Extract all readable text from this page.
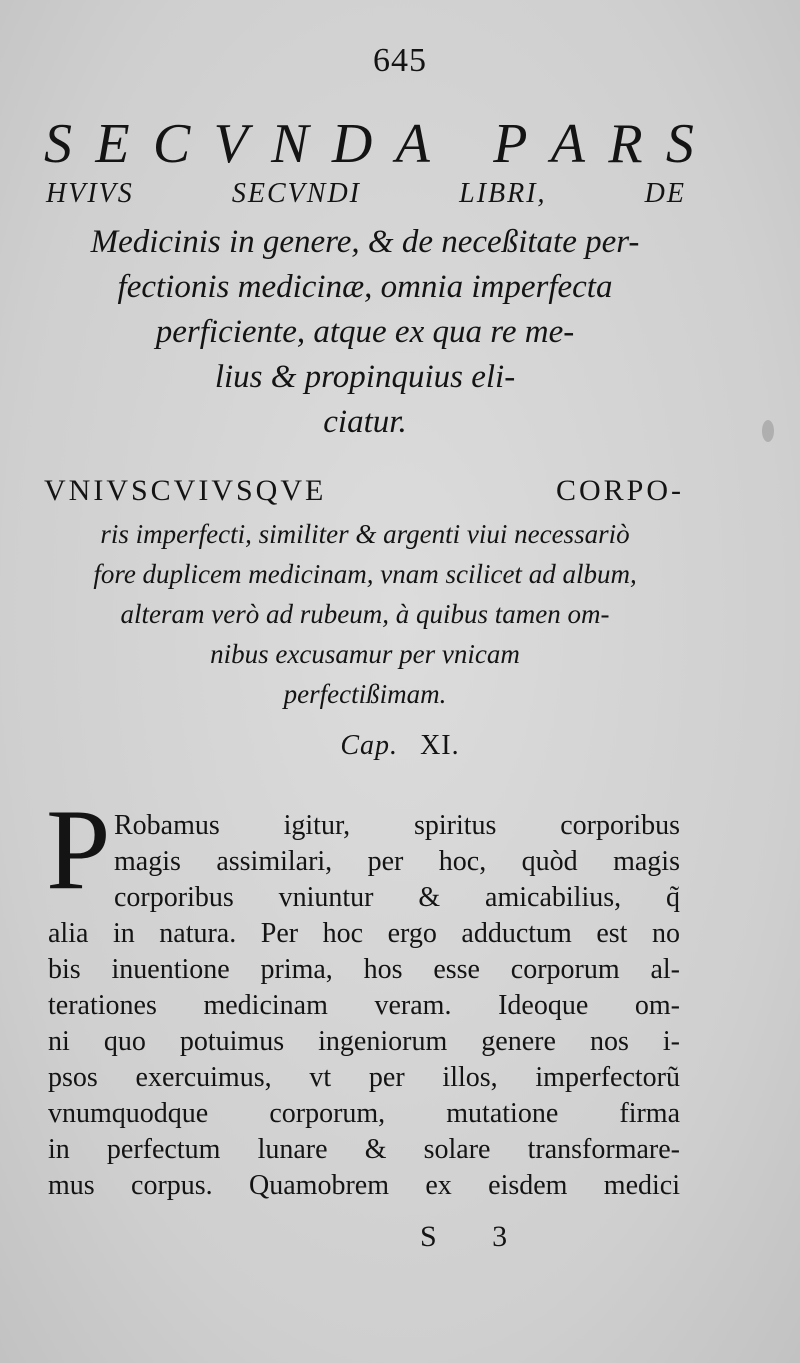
645
S E C V N D A P A R S
HVIVS SECVNDI LIBRI, DE
Medicinis in genere, & de neceßitate per-
fectionis medicinæ, omnia imperfecta
perficiente, atque ex qua re me-
lius & propinquius eli-
ciatur.
VNIVSCVIVSQVE CORPO-
ris imperfecti, similiter & argenti viui necessariò
fore duplicem medicinam, vnam scilicet ad album,
alteram verò ad rubeum, à quibus tamen om-
nibus excusamur per vnicam
perfectißimam.
Cap. XI.
P Robamus igitur, spiritus corporibus
magis assimilari, per hoc, quòd magis
corporibus vniuntur & amicabilius, q̃
alia in natura. Per hoc ergo adductum est no
bis inuentione prima, hos esse corporum al-
terationes medicinam veram. Ideoque om-
ni quo potuimus ingeniorum genere nos i-
psos exercuimus, vt per illos, imperfectorũ
vnumquodque corporum, mutatione firma
in perfectum lunare & solare transformare-
mus corpus. Quamobrem ex eisdem medici
S 3
